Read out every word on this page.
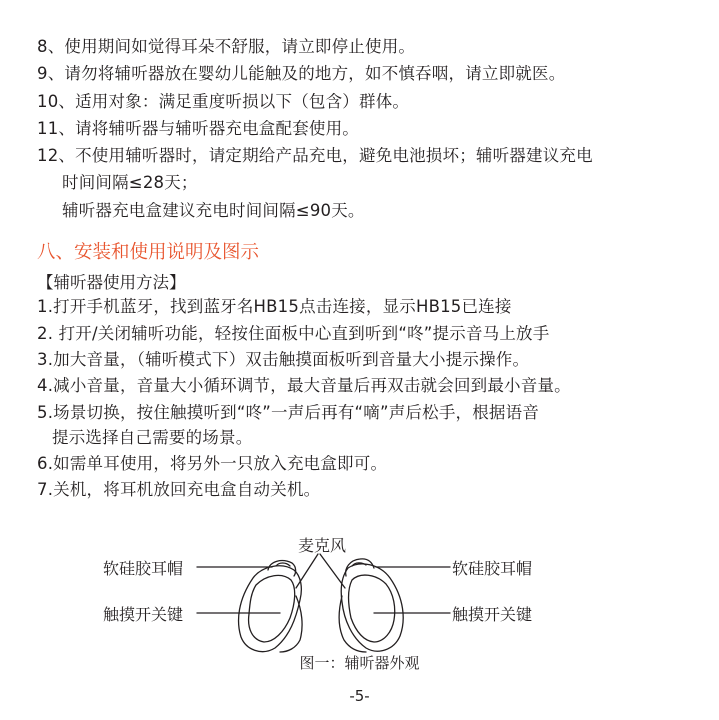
8、使用期间如觉得耳朵不舒服，请立即停止使用。
9、请勿将辅听器放在婴幼儿能触及的地方，如不慎吞咽，请立即就医。
10、适用对象：满足重度听损以下（包含）群体。
11、请将辅听器与辅听器充电盒配套使用。
12、不使用辅听器时，请定期给产品充电，避免电池损坏；辅听器建议充电
时间间隔≤28天；
辅听器充电盒建议充电时间间隔≤90天。
八、安装和使用说明及图示
【辅听器使用方法】
1.打开手机蓝牙，找到蓝牙名HB15点击连接，显示HB15已连接
2. 打开/关闭辅听功能，轻按住面板中心直到听到“咚”提示音马上放手
3.加大音量，（辅听模式下）双击触摸面板听到音量大小提示操作。
4.减小音量，音量大小循环调节，最大音量后再双击就会回到最小音量。
5.场景切换，按住触摸听到“咚”一声后再有“嘀”声后松手，根据语音
提示选择自己需要的场景。
6.如需单耳使用，将另外一只放入充电盒即可。
7.关机，将耳机放回充电盒自动关机。
麦克风
软硅胶耳帽	软硅胶耳帽
触摸开关键	触摸开关键
图一：辅听器外观
-5-
